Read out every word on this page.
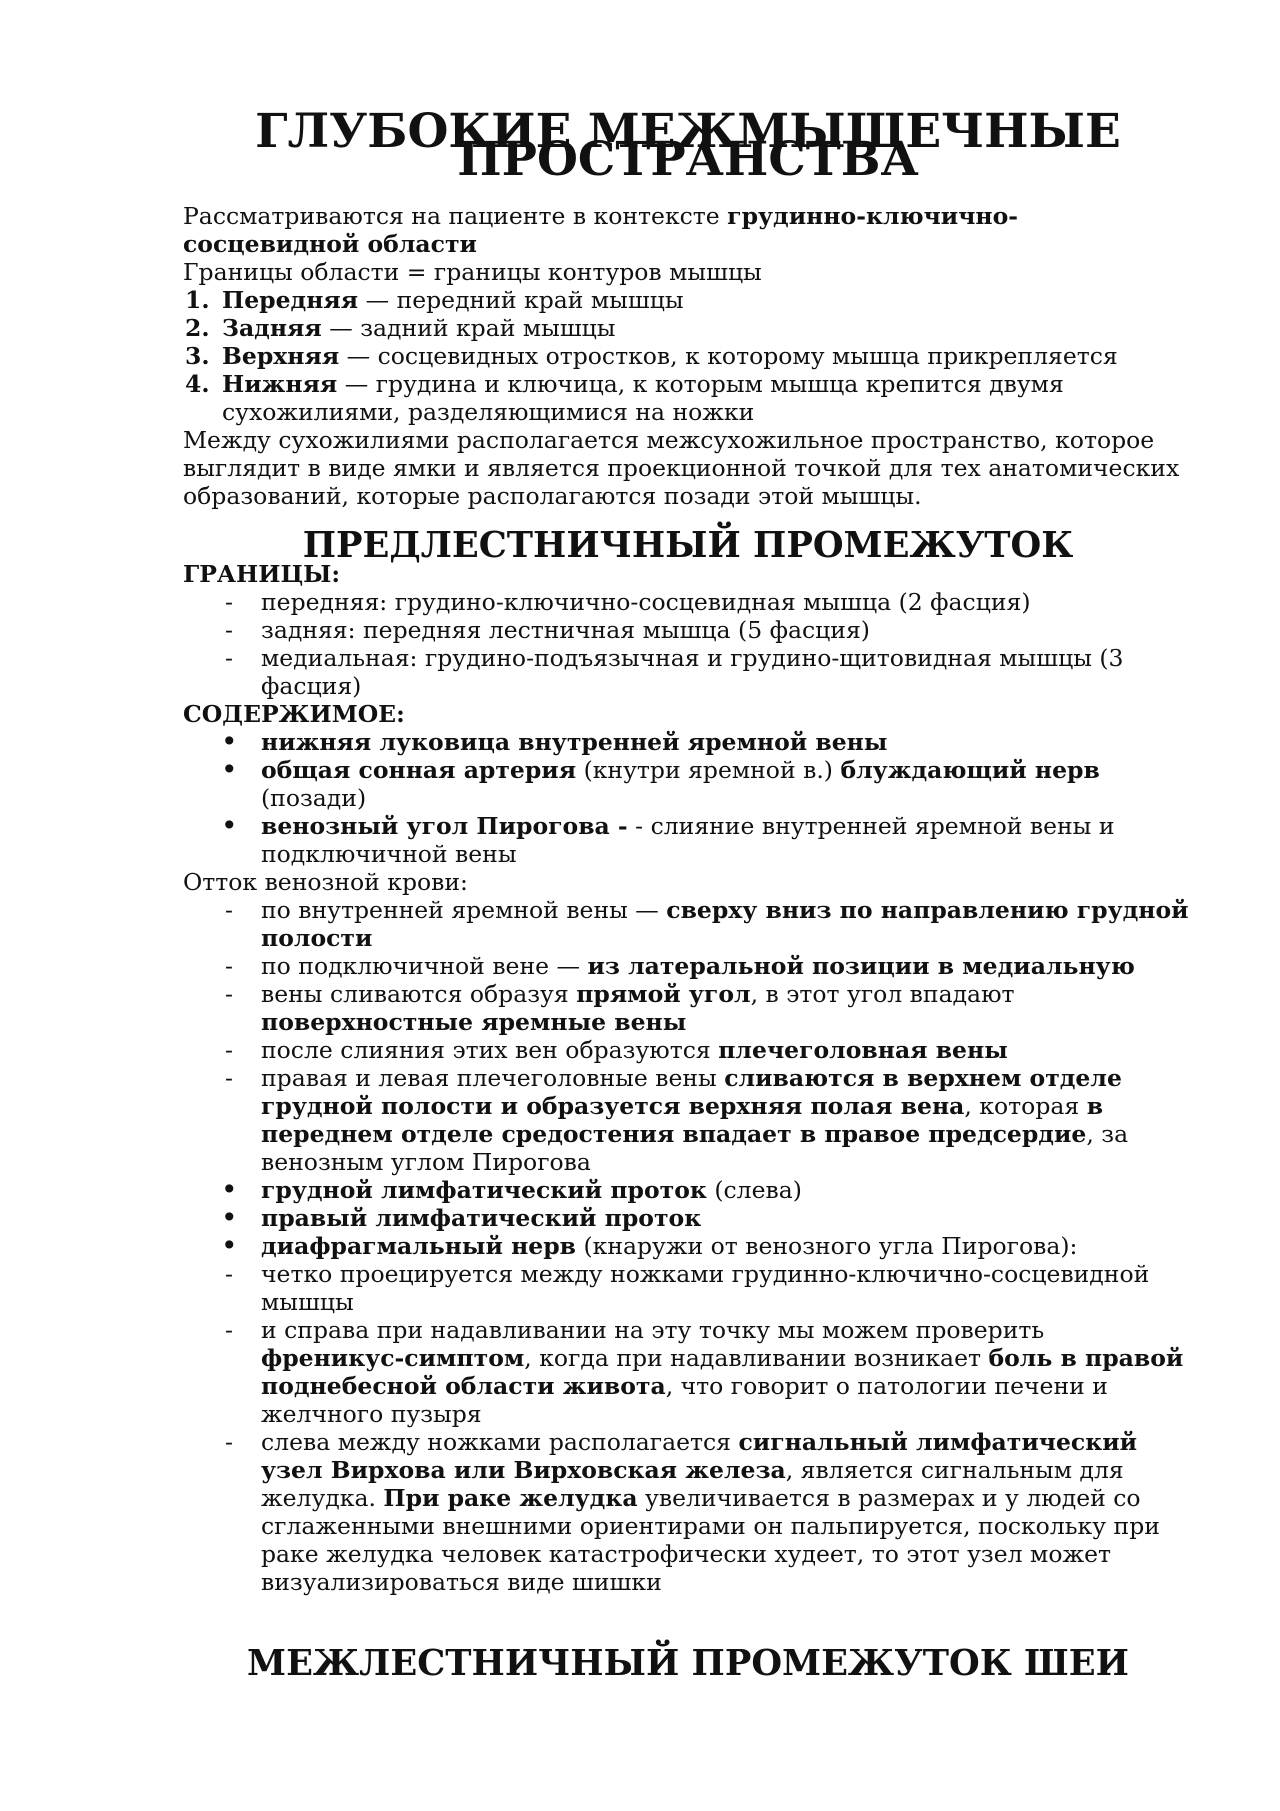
ГЛУБОКИЕ МЕЖМЫШЕЧНЫЕ ПРОСТРАНСТВА

Рассматриваются на пациенте в контексте грудинно-ключично-сосцевидной области

Границы области = границы контуров мышцы

1. Передняя — передний край мышцы
2. Задняя — задний край мышцы
3. Верхняя — сосцевидных отростков, к которому мышца прикрепляется
4. Нижняя — грудина и ключица, к которым мышца крепится двумя сухожилиями, разделяющимися на ножки

Между сухожилиями располагается межсухожильное пространство, которое выглядит в виде ямки и является проекционной точкой для тех анатомических образований, которые располагаются позади этой мышцы.

ПРЕДЛЕСТНИЧНЫЙ ПРОМЕЖУТОК

ГРАНИЦЫ:

- передняя: грудино-ключично-сосцевидная мышца (2 фасция)
- задняя: передняя лестничная мышца (5 фасция)
- медиальная: грудино-подъязычная и грудино-щитовидная мышцы (3 фасция)

СОДЕРЖИМОЕ:

• нижняя луковица внутренней яремной вены
• общая сонная артерия (кнутри яремной в.) блуждающий нерв (позади)
• венозный угол Пирогова - - слияние внутренней яремной вены и подключичной вены

Отток венозной крови:

- по внутренней яремной вены — сверху вниз по направлению грудной полости
- по подключичной вене — из латеральной позиции в медиальную
- вены сливаются образуя прямой угол, в этот угол впадают поверхностные яремные вены
- после слияния этих вен образуются плечеголовная вены
- правая и левая плечеголовные вены сливаются в верхнем отделе грудной полости и образуется верхняя полая вена, которая в переднем отделе средостения впадает в правое предсердие, за венозным углом Пирогова
• грудной лимфатический проток (слева)
• правый лимфатический проток
• диафрагмальный нерв (кнаружи от венозного угла Пирогова):
- четко проецируется между ножками грудинно-ключично-сосцевидной мышцы
- и справа при надавливании на эту точку мы можем проверить френикус-симптом, когда при надавливании возникает боль в правой поднебесной области живота, что говорит о патологии печени и желчного пузыря
- слева между ножками располагается сигнальный лимфатический узел Вирхова или Вирховская железа, является сигнальным для желудка. При раке желудка увеличивается в размерах и у людей со сглаженными внешними ориентирами он пальпируется, поскольку при раке желудка человек катастрофически худеет, то этот узел может визуализироваться виде шишки
МЕЖЛЕСТНИЧНЫЙ ПРОМЕЖУТОК ШЕИ
